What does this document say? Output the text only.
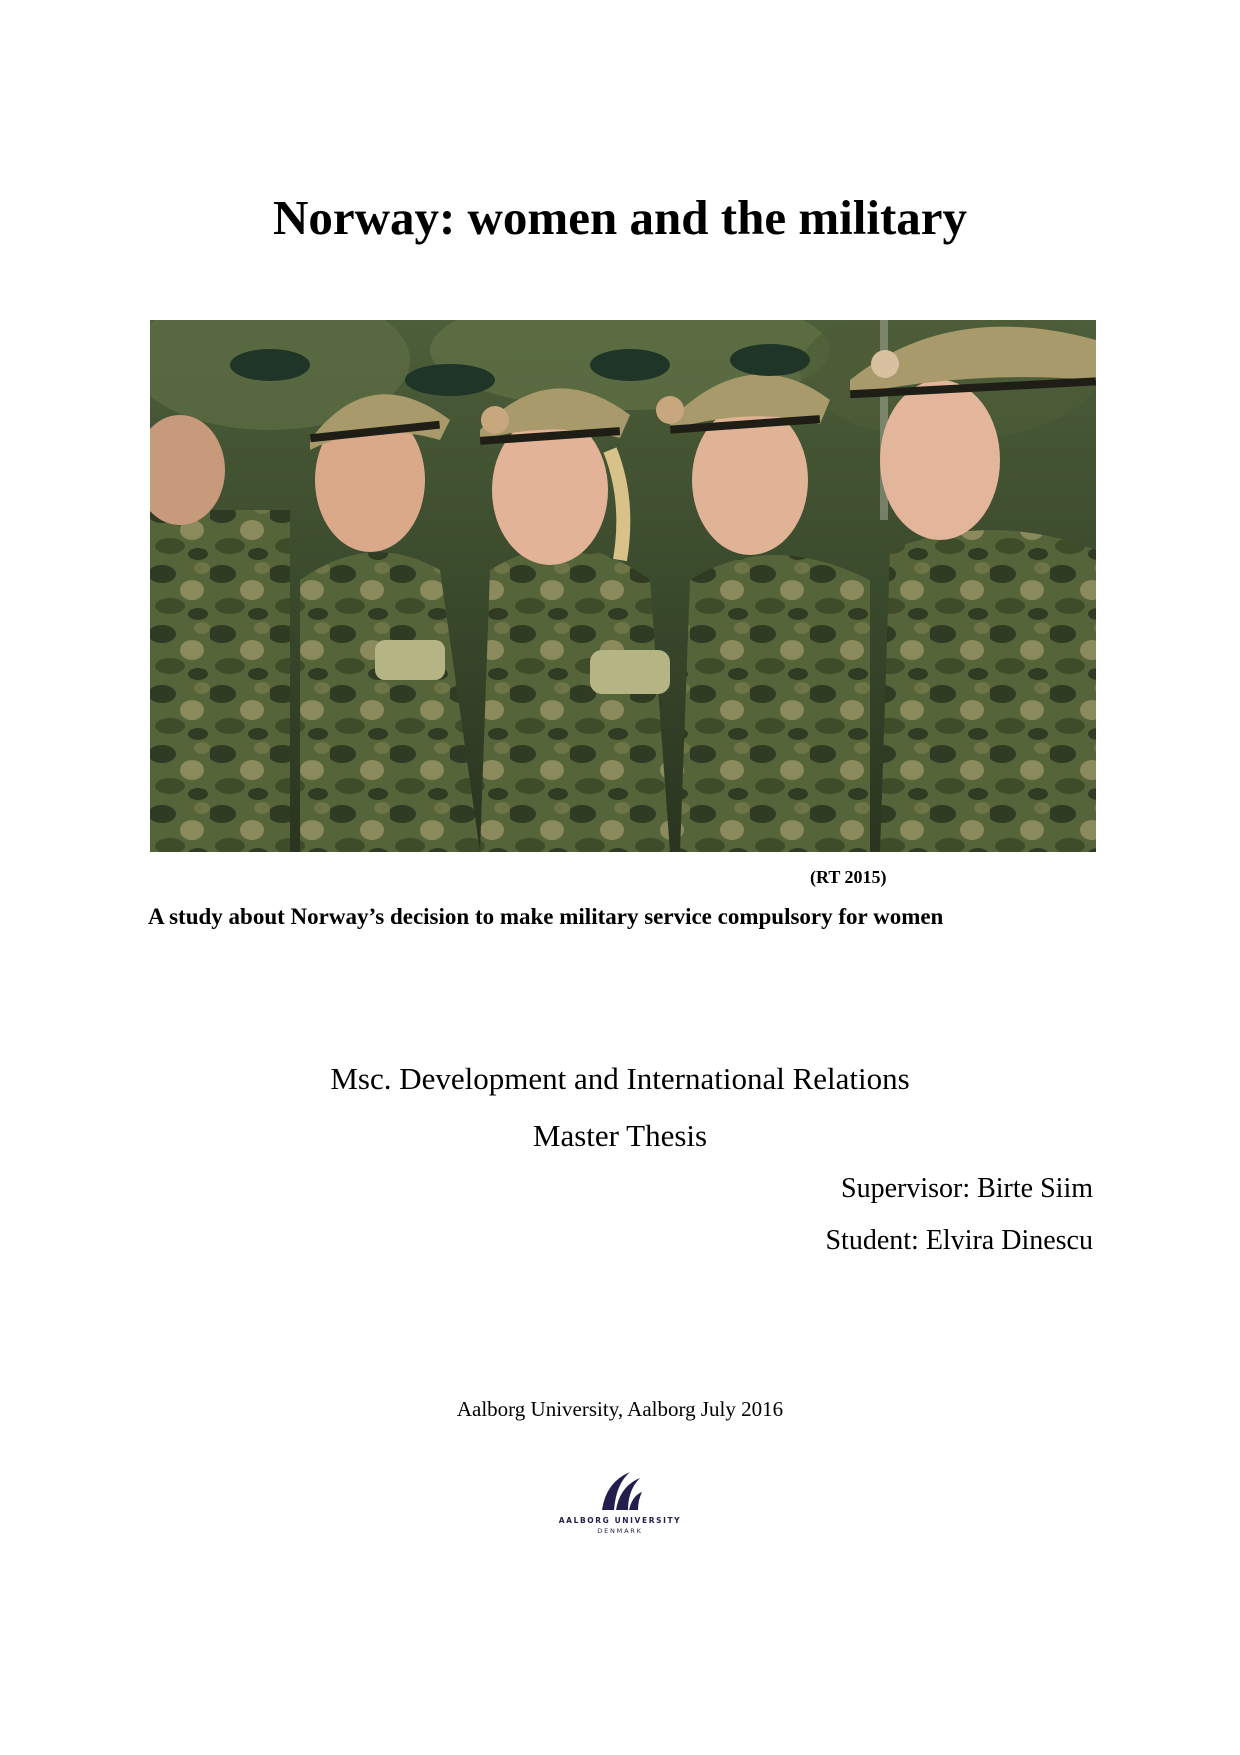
Norway: women and the military
(RT 2015)
A study about Norway’s decision to make military service compulsory for women
Msc. Development and International Relations
Master Thesis
Supervisor: Birte Siim
Student: Elvira Dinescu
Aalborg University, Aalborg July 2016
AALBORG UNIVERSITY
DENMARK
